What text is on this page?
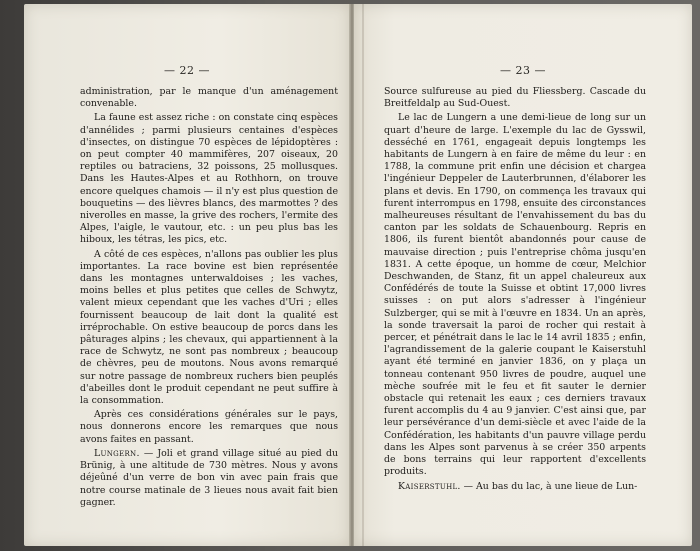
— 22 —

administration, par le manque d'un aménagement convenable.

La faune est assez riche : on constate cinq espèces d'annélides ; parmi plusieurs centaines d'espèces d'insectes, on distingue 70 espèces de lépidoptères : on peut compter 40 mammifères, 207 oiseaux, 20 reptiles ou batraciens, 32 poissons, 25 mollusques. Dans les Hautes-Alpes et au Rothhorn, on trouve encore quelques chamois — il n'y est plus question de bouquetins — des lièvres blancs, des marmottes ? des niverolles en masse, la grive des rochers, l'ermite des Alpes, l'aigle, le vautour, etc. : un peu plus bas les hiboux, les tétras, les pics, etc.

A côté de ces espèces, n'allons pas oublier les plus importantes. La race bovine est bien représentée dans les montagnes unterwaldoises ; les vaches, moins belles et plus petites que celles de Schwytz, valent mieux cependant que les vaches d'Uri ; elles fournissent beaucoup de lait dont la qualité est irréprochable. On estive beaucoup de porcs dans les pâturages alpins ; les chevaux, qui appartiennent à la race de Schwytz, ne sont pas nombreux ; beaucoup de chèvres, peu de moutons. Nous avons remarqué sur notre passage de nombreux ruchers bien peuplés d'abeilles dont le produit cependant ne peut suffire à la consommation.

Après ces considérations générales sur le pays, nous donnerons encore les remarques que nous avons faites en passant.

Lungern. — Joli et grand village situé au pied du Brünig, à une altitude de 730 mètres. Nous y avons déjeûné d'un verre de bon vin avec pain frais que notre course matinale de 3 lieues nous avait fait bien gagner.

— 23 —

Source sulfureuse au pied du Fliessberg. Cascade du Breitfeldalp au Sud-Ouest.

Le lac de Lungern a une demi-lieue de long sur un quart d'heure de large. L'exemple du lac de Gysswil, desséché en 1761, engageait depuis longtemps les habitants de Lungern à en faire de même du leur : en 1788, la commune prit enfin une décision et chargea l'ingénieur Deppeler de Lauterbrunnen, d'élaborer les plans et devis. En 1790, on commença les travaux qui furent interrompus en 1798, ensuite des circonstances malheureuses résultant de l'envahissement du bas du canton par les soldats de Schauenbourg. Repris en 1806, ils furent bientôt abandonnés pour cause de mauvaise direction ; puis l'entreprise chôma jusqu'en 1831. A cette époque, un homme de cœur, Melchior Deschwanden, de Stanz, fit un appel chaleureux aux Confédérés de toute la Suisse et obtint 17,000 livres suisses : on put alors s'adresser à l'ingénieur Sulzberger, qui se mit à l'œuvre en 1834. Un an après, la sonde traversait la paroi de rocher qui restait à percer, et pénétrait dans le lac le 14 avril 1835 ; enfin, l'agrandissement de la galerie coupant le Kaiserstuhl ayant été terminé en janvier 1836, on y plaça un tonneau contenant 950 livres de poudre, auquel une mèche soufrée mit le feu et fit sauter le dernier obstacle qui retenait les eaux ; ces derniers travaux furent accomplis du 4 au 9 janvier. C'est ainsi que, par leur persévérance d'un demi-siècle et avec l'aide de la Confédération, les habitants d'un pauvre village perdu dans les Alpes sont parvenus à se créer 350 arpents de bons terrains qui leur rapportent d'excellents produits.

Kaiserstuhl. — Au bas du lac, à une lieue de Lun-
